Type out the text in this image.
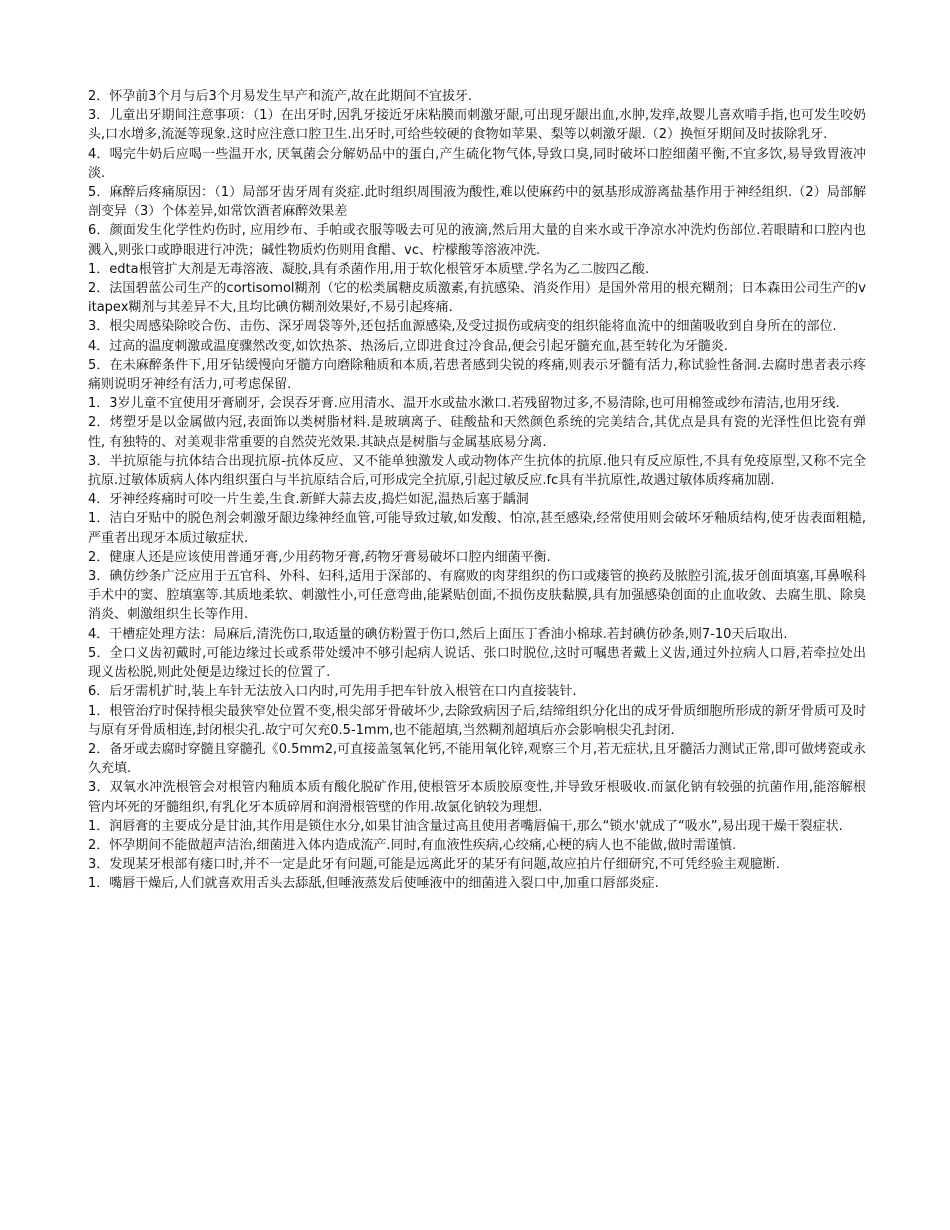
2．怀孕前3个月与后3个月易发生早产和流产,故在此期间不宜拔牙.

3．儿童出牙期间注意事项：（1）在出牙时,因乳牙接近牙床粘膜而刺激牙龈,可出现牙龈出血,水肿,发痒,故婴儿喜欢啃手指,也可发生咬奶头,口水增多,流涎等现象.这时应注意口腔卫生.出牙时,可给些较硬的食物如苹果、梨等以刺激牙龈.（2）换恒牙期间及时拔除乳牙.

4．喝完牛奶后应喝一些温开水, 厌氧菌会分解奶品中的蛋白,产生硫化物气体,导致口臭,同时破坏口腔细菌平衡,不宜多饮,易导致胃液冲淡.

5．麻醉后疼痛原因：（1）局部牙齿牙周有炎症.此时组织周围液为酸性,难以使麻药中的氨基形成游离盐基作用于神经组织.（2）局部解剖变异（3）个体差异,如常饮酒者麻醉效果差

6．颜面发生化学性灼伤时, 应用纱布、手帕或衣服等吸去可见的液滴,然后用大量的自来水或干净凉水冲洗灼伤部位.若眼睛和口腔内也溅入,则张口或睁眼进行冲洗；碱性物质灼伤则用食醋、vc、柠檬酸等溶液冲洗.

1．edta根管扩大剂是无毒溶液、凝胶,具有杀菌作用,用于软化根管牙本质壁.学名为乙二胺四乙酸.

2．法国碧蓝公司生产的cortisomol糊剂（它的松类属糖皮质激素,有抗感染、消炎作用）是国外常用的根充糊剂；日本森田公司生产的vitapex糊剂与其差异不大,且均比碘仿糊剂效果好,不易引起疼痛.

3．根尖周感染除咬合伤、击伤、深牙周袋等外,还包括血源感染,及受过损伤或病变的组织能将血流中的细菌吸收到自身所在的部位.

4．过高的温度刺激或温度骤然改变,如饮热茶、热汤后,立即进食过冷食品,便会引起牙髓充血,甚至转化为牙髓炎.

5．在未麻醉条件下,用牙钻缓慢向牙髓方向磨除釉质和本质,若患者感到尖锐的疼痛,则表示牙髓有活力,称试验性备洞.去腐时患者表示疼痛则说明牙神经有活力,可考虑保留.

1．3岁儿童不宜使用牙膏刷牙, 会误吞牙膏.应用清水、温开水或盐水漱口.若残留物过多,不易清除,也可用棉签或纱布清洁,也用牙线.

2．烤塑牙是以金属做内冠,表面饰以类树脂材料.是玻璃离子、硅酸盐和天然颜色系统的完美结合,其优点是具有瓷的光泽性但比瓷有弹性, 有独特的、对美观非常重要的自然荧光效果.其缺点是树脂与金属基底易分离.

3．半抗原能与抗体结合出现抗原-抗体反应、又不能单独激发人或动物体产生抗体的抗原.他只有反应原性,不具有免疫原型,又称不完全抗原.过敏体质病人体内组织蛋白与半抗原结合后,可形成完全抗原,引起过敏反应.fc具有半抗原性,故遇过敏体质疼痛加剧.

4．牙神经疼痛时可咬一片生姜,生食.新鲜大蒜去皮,捣烂如泥,温热后塞于龋洞

1．洁白牙贴中的脱色剂会刺激牙龈边缘神经血管,可能导致过敏,如发酸、怕凉,甚至感染,经常使用则会破坏牙釉质结构,使牙齿表面粗糙,严重者出现牙本质过敏症状.

2．健康人还是应该使用普通牙膏,少用药物牙膏,药物牙膏易破坏口腔内细菌平衡.

3．碘仿纱条广泛应用于五官科、外科、妇科,适用于深部的、有腐败的肉芽组织的伤口或瘘管的换药及脓腔引流,拔牙创面填塞,耳鼻喉科手术中的窦、腔填塞等.其质地柔软、刺激性小,可任意弯曲,能紧贴创面,不损伤皮肤黏膜,具有加强感染创面的止血收敛、去腐生肌、除臭消炎、刺激组织生长等作用.

4．干槽症处理方法：局麻后,清洗伤口,取适量的碘仿粉置于伤口,然后上面压丁香油小棉球.若封碘仿砂条,则7-10天后取出.

5．全口义齿初戴时,可能边缘过长或系带处缓冲不够引起病人说话、张口时脱位,这时可嘱患者戴上义齿,通过外拉病人口唇,若牵拉处出现义齿松脱,则此处便是边缘过长的位置了.

6．后牙需机扩时,装上车针无法放入口内时,可先用手把车针放入根管在口内直接装针.

1．根管治疗时保持根尖最狭窄处位置不变,根尖部牙骨破坏少,去除致病因子后,结缔组织分化出的成牙骨质细胞所形成的新牙骨质可及时与原有牙骨质相连,封闭根尖孔.故宁可欠充0.5-1mm,也不能超填,当然糊剂超填后亦会影响根尖孔封闭.

2．备牙或去腐时穿髓且穿髓孔《0.5mm2,可直接盖氢氧化钙,不能用氧化锌,观察三个月,若无症状,且牙髓活力测试正常,即可做烤瓷或永久充填.

3．双氧水冲洗根管会对根管内釉质本质有酸化脱矿作用,使根管牙本质胶原变性,并导致牙根吸收.而氯化钠有较强的抗菌作用,能溶解根管内坏死的牙髓组织,有乳化牙本质碎屑和润滑根管壁的作用.故氯化钠较为理想.

1．润唇膏的主要成分是甘油,其作用是锁住水分,如果甘油含量过高且使用者嘴唇偏干,那么“锁水'就成了“吸水”,易出现干燥干裂症状.

2．怀孕期间不能做超声洁治,细菌进入体内造成流产.同时,有血液性疾病,心绞痛,心梗的病人也不能做,做时需谨慎.

3．发现某牙根部有瘘口时,并不一定是此牙有问题,可能是远离此牙的某牙有问题,故应拍片仔细研究,不可凭经验主观臆断.

1．嘴唇干燥后,人们就喜欢用舌头去舔舐,但唾液蒸发后使唾液中的细菌进入裂口中,加重口唇部炎症.
